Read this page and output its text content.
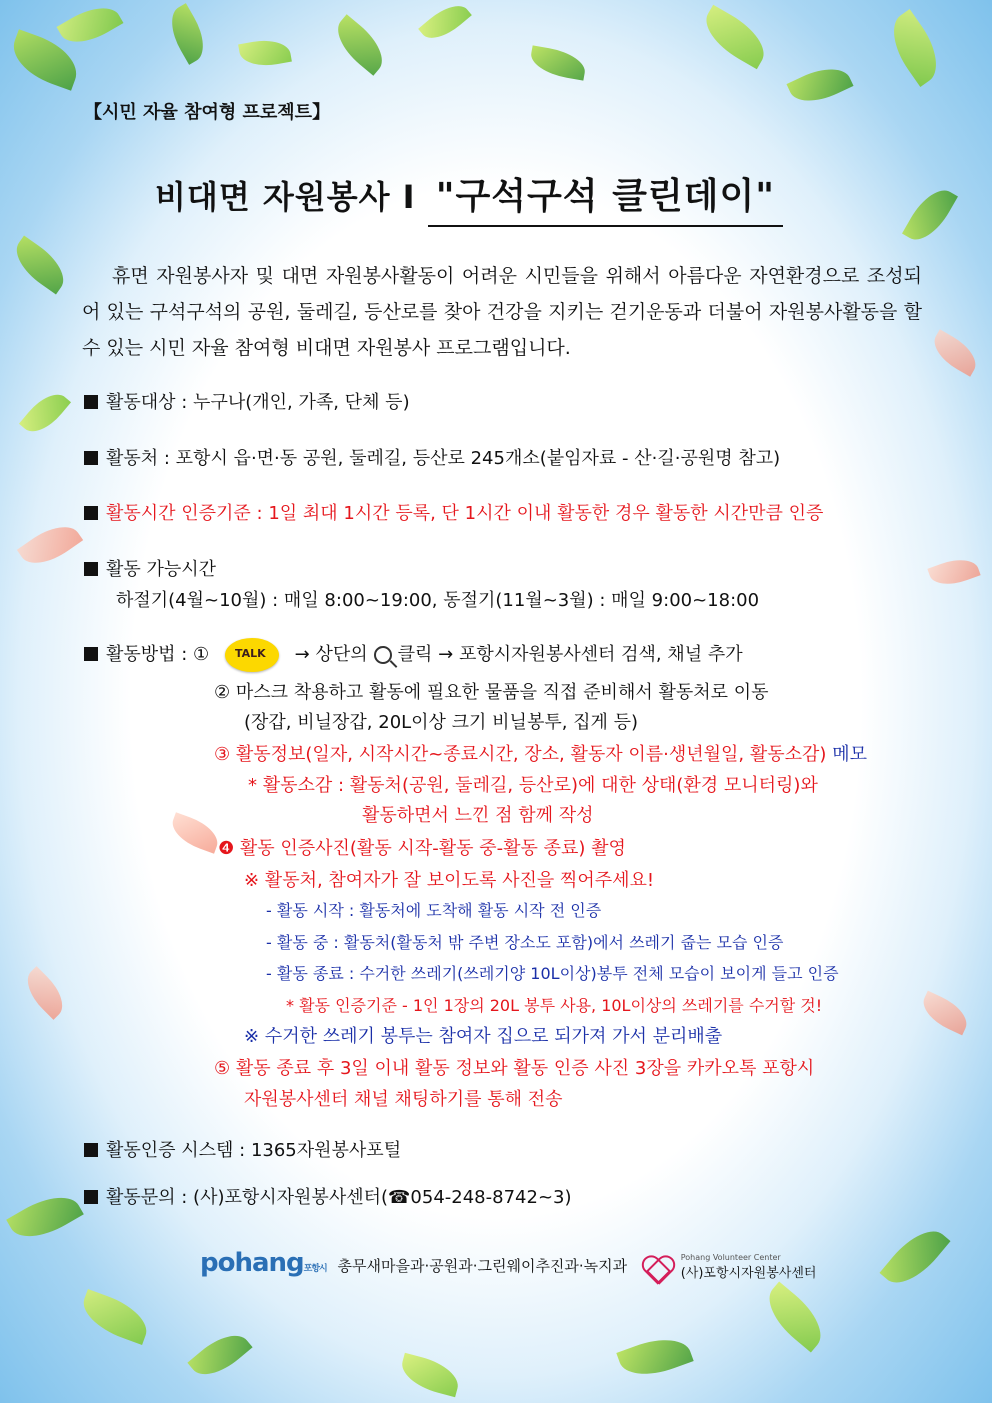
【시민 자율 참여형 프로젝트】
비대면 자원봉사 Ⅰ "구석구석 클린데이"
휴면 자원봉사자 및 대면 자원봉사활동이 어려운 시민들을 위해서 아름다운 자연환경으로 조성되어 있는 구석구석의 공원, 둘레길, 등산로를 찾아 건강을 지키는 걷기운동과 더불어 자원봉사활동을 할 수 있는 시민 자율 참여형 비대면 자원봉사 프로그램입니다.
활동대상 : 누구나(개인, 가족, 단체 등)
활동처 : 포항시 읍·면·동 공원, 둘레길, 등산로 245개소(붙임자료 - 산·길·공원명 참고)
활동시간 인증기준 : 1일 최대 1시간 등록, 단 1시간 이내 활동한 경우 활동한 시간만큼 인증
활동 가능시간
하절기(4월~10월) : 매일 8:00~19:00, 동절기(11월~3월) : 매일 9:00~18:00
활동방법 : ① TALK → 상단의 클릭 → 포항시자원봉사센터 검색, 채널 추가
② 마스크 착용하고 활동에 필요한 물품을 직접 준비해서 활동처로 이동
(장갑, 비닐장갑, 20L이상 크기 비닐봉투, 집게 등)
③ 활동정보(일자, 시작시간~종료시간, 장소, 활동자 이름·생년월일, 활동소감) 메모
* 활동소감 : 활동처(공원, 둘레길, 등산로)에 대한 상태(환경 모니터링)와
활동하면서 느낀 점 함께 작성
❹ 활동 인증사진(활동 시작-활동 중-활동 종료) 촬영
※ 활동처, 참여자가 잘 보이도록 사진을 찍어주세요!
- 활동 시작 : 활동처에 도착해 활동 시작 전 인증
- 활동 중 : 활동처(활동처 밖 주변 장소도 포함)에서 쓰레기 줍는 모습 인증
- 활동 종료 : 수거한 쓰레기(쓰레기양 10L이상)봉투 전체 모습이 보이게 들고 인증
* 활동 인증기준 - 1인 1장의 20L 봉투 사용, 10L이상의 쓰레기를 수거할 것!
※ 수거한 쓰레기 봉투는 참여자 집으로 되가져 가서 분리배출
⑤ 활동 종료 후 3일 이내 활동 정보와 활동 인증 사진 3장을 카카오톡 포항시
자원봉사센터 채널 채팅하기를 통해 전송
활동인증 시스템 : 1365자원봉사포털
활동문의 : (사)포항시자원봉사센터(☎054-248-8742~3)
pohang포항시 총무새마을과·공원과·그린웨이추진과·녹지과	Pohang Volunteer Center
(사)포항시자원봉사센터
